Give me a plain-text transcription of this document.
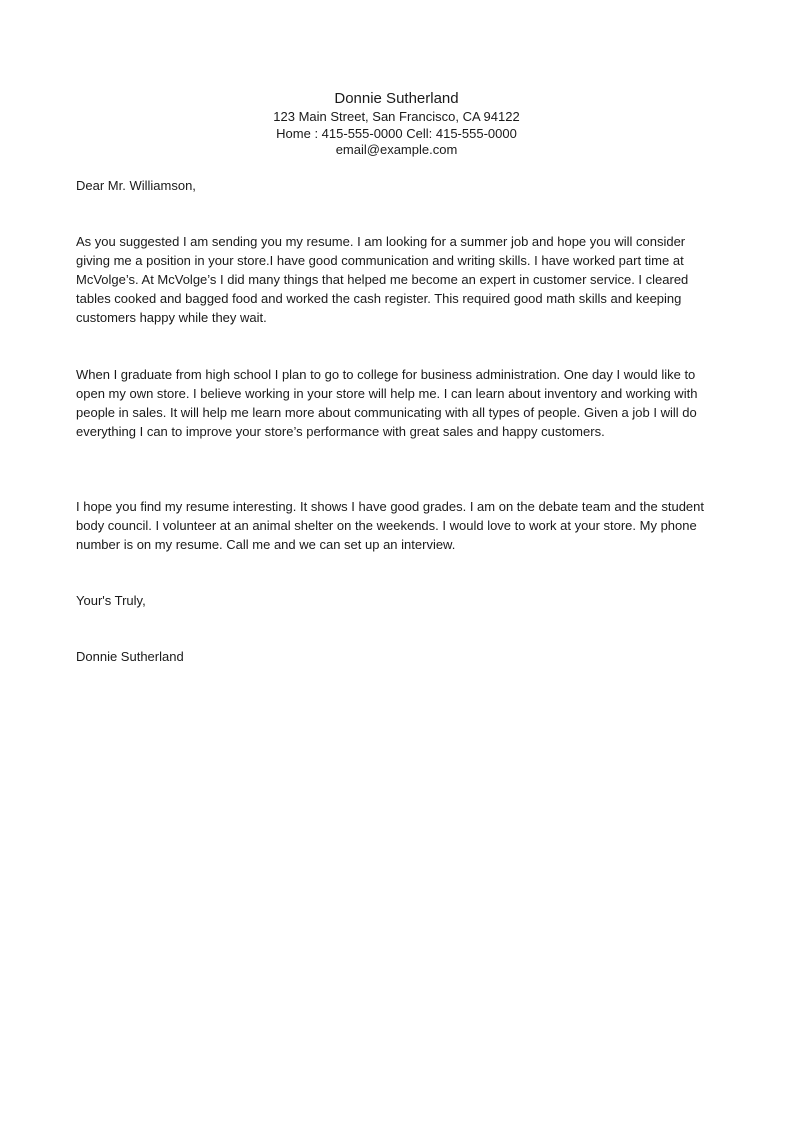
Donnie Sutherland

123 Main Street, San Francisco, CA 94122

Home : 415-555-0000 Cell: 415-555-0000

email@example.com

Dear Mr. Williamson,

As you suggested I am sending you my resume. I am looking for a summer job and hope you will consider giving me a position in your store.I have good communication and writing skills. I have worked part time at McVolge’s. At McVolge’s I did many things that helped me become an expert in customer service. I cleared tables cooked and bagged food and worked the cash register. This required good math skills and keeping customers happy while they wait.

When I graduate from high school I plan to go to college for business administration. One day I would like to open my own store. I believe working in your store will help me. I can learn about inventory and working with people in sales. It will help me learn more about communicating with all types of people. Given a job I will do everything I can to improve your store’s performance with great sales and happy customers.

I hope you find my resume interesting. It shows I have good grades. I am on the debate team and the student body council. I volunteer at an animal shelter on the weekends. I would love to work at your store. My phone number is on my resume. Call me and we can set up an interview.

Your's Truly,

Donnie Sutherland
